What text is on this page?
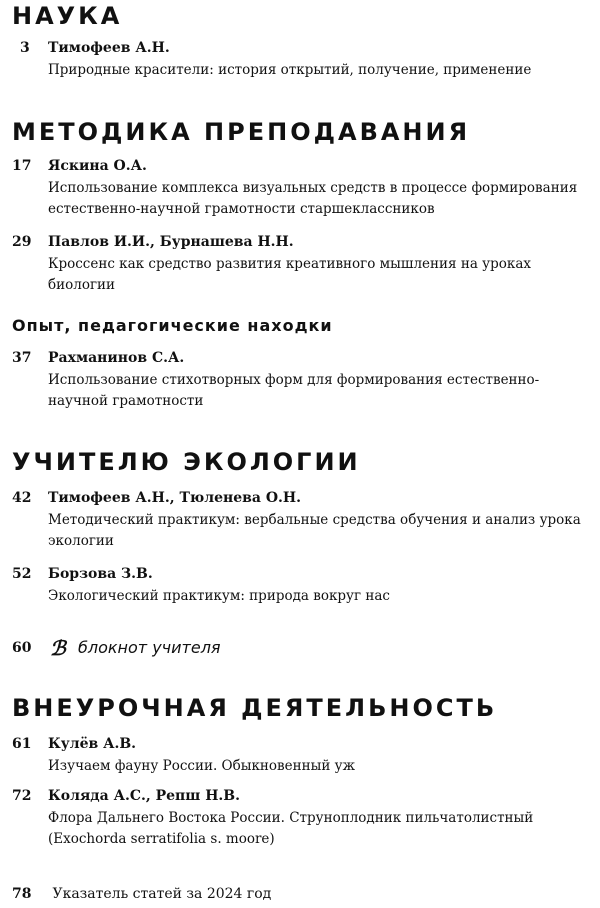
НАУКА
3	Тимофеев А.Н.
Природные красители: история открытий, получение, применение
МЕТОДИКА ПРЕПОДАВАНИЯ
17	Яскина О.А.
Использование комплекса визуальных средств в процессе формирования естественно-научной грамотности старшеклассников
29	Павлов И.И., Бурнашева Н.Н.
Кроссенс как средство развития креативного мышления на уроках биологии
Опыт, педагогические находки
37	Рахманинов С.А.
Использование стихотворных форм для формирования естественно-научной грамотности
УЧИТЕЛЮ ЭКОЛОГИИ
42	Тимофеев А.Н., Тюленева О.Н.
Методический практикум: вербальные средства обучения и анализ урока экологии
52	Борзова З.В.
Экологический практикум: природа вокруг нас
60 ℬ блокнот учителя
ВНЕУРОЧНАЯ ДЕЯТЕЛЬНОСТЬ
61	Кулёв А.В.
Изучаем фауну России. Обыкновенный уж
72	Коляда А.С., Репш Н.В.
Флора Дальнего Востока России. Струноплодник пильчатолистный (Exochorda serratifolia s. moore)
78 Указатель статей за 2024 год
